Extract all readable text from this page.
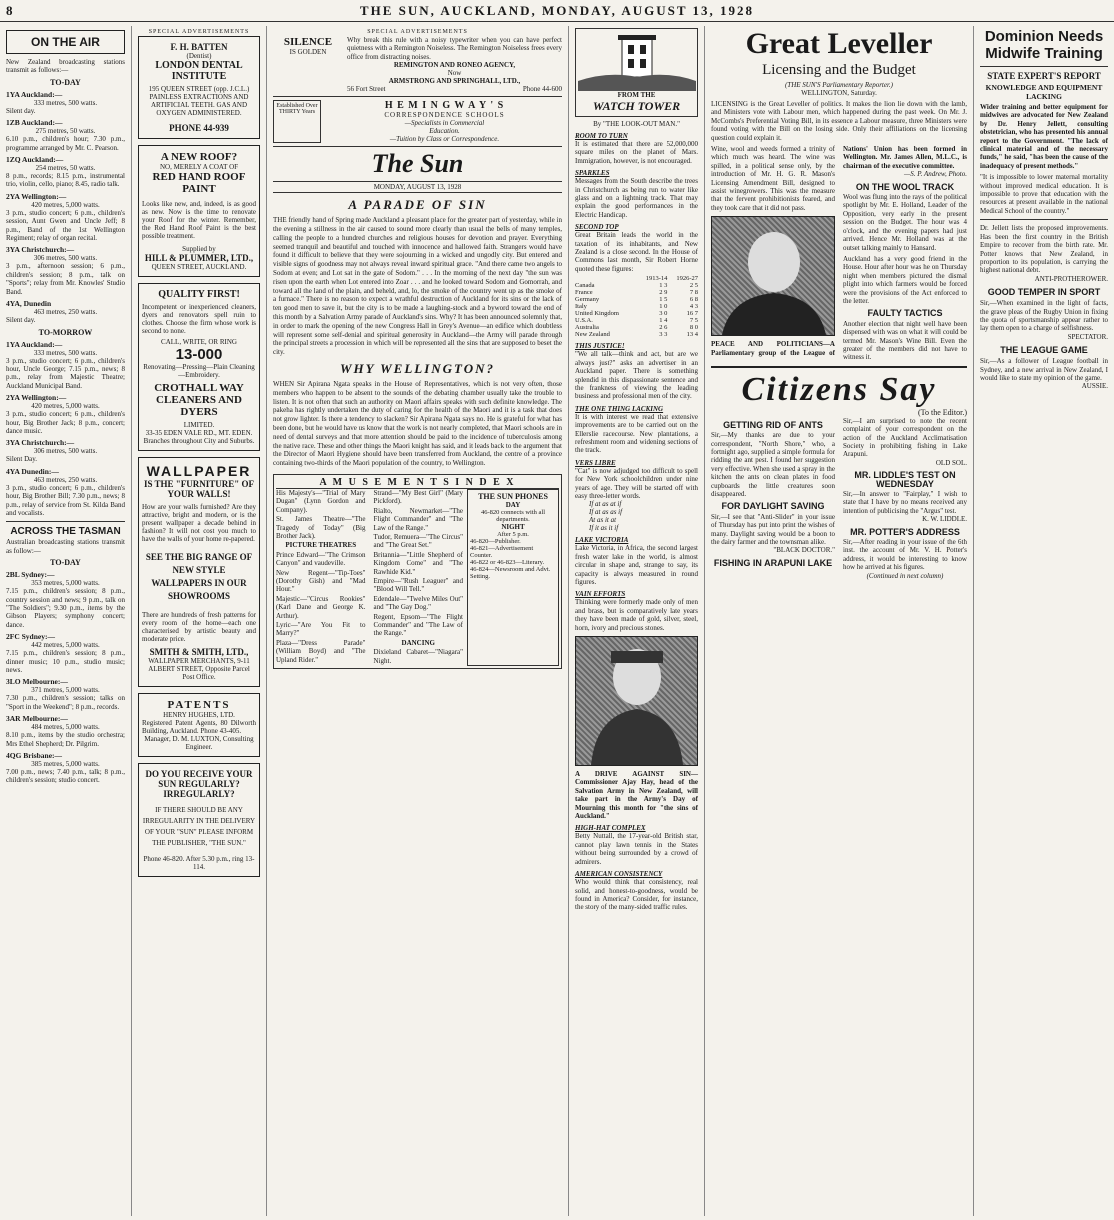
8	THE SUN, AUCKLAND, MONDAY, AUGUST 13, 1928
ON THE AIR
New Zealand broadcasting stations transmit as follows:—
TO-DAY
1YA Auckland:—
333 metres, 500 watts.
Silent day.
1ZB Auckland:—
275 metres, 50 watts.
6.10 p.m., children's hour; 7.30 p.m., programme arranged by Mr. C. Pearson.
1ZQ Auckland:—
254 metres, 50 watts.
8 p.m., records; 8.15 p.m., instrumental trio, violin, cello, piano; 8.45, radio talk.
2YA Wellington:—
420 metres, 5,000 watts.
3 p.m., studio concert; 6 p.m., children's session, Aunt Gwen and Uncle Jeff; 8 p.m., Band of the 1st Wellington Regiment; relay of organ recital.
3YA Christchurch:—
306 metres, 500 watts.
3 p.m., afternoon session; 6 p.m., children's session; 8 p.m., talk on "Sports"; relay from Mr. Knowles' Studio Band.
4YA, Dunedin
463 metres, 250 watts.
Silent day.
TO-MORROW
1YA Auckland:—
333 metres, 500 watts.
3 p.m., studio concert; 6 p.m., children's hour, Uncle George; 7.15 p.m., news; 8 p.m., relay from Majestic Theatre; Auckland Municipal Band.
2YA Wellington:—
420 metres, 5,000 watts.
3 p.m., studio concert; 6 p.m., children's hour, Big Brother Jack; 8 p.m., concert; dance music.
3YA Christchurch:—
306 metres, 500 watts.
Silent Day.
4YA Dunedin:—
463 metres, 250 watts.
3 p.m., studio concert; 6 p.m., children's hour, Big Brother Bill; 7.30 p.m., news; 8 p.m., relay of service from St. Kilda Band and vocalists.
ACROSS THE TASMAN
Australian broadcasting stations transmit as follow:—
TO-DAY
2BL Sydney:—
353 metres, 5,000 watts.
7.15 p.m., children's session; 8 p.m., country session and news; 9 p.m., talk on "The Soldiers"; 9.30 p.m., items by the Gibson Players; symphony concert; dance.
2FC Sydney:—
442 metres, 5,000 watts.
7.15 p.m., children's session; 8 p.m., dinner music; 10 p.m., studio music; news.
3LO Melbourne:—
371 metres, 5,000 watts.
7.30 p.m., children's session; talks on "Sport in the Weekend"; 8 p.m., records.
3AR Melbourne:—
484 metres, 5,000 watts.
8.10 p.m., items by the studio orchestra; Mrs Ethel Shepherd; Dr. Pilgrim.
4QG Brisbane:—
385 metres, 5,000 watts.
7.00 p.m., news; 7.40 p.m., talk; 8 p.m., children's session; studio concert.
SPECIAL ADVERTISEMENTS
F. H. BATTEN
(Dentist)
LONDON DENTAL INSTITUTE
195 QUEEN STREET (opp. J.C.L.) PAINLESS EXTRACTIONS AND ARTIFICIAL TEETH. GAS AND OXYGEN ADMINISTERED.
PHONE 44-939
A NEW ROOF?
NO, MERELY A COAT OF
RED HAND ROOF PAINT
Looks like new, and, indeed, is as good as new. Now is the time to renovate your Roof for the winter. Remember, the Red Hand Roof Paint is the best possible treatment.
Supplied by
HILL & PLUMMER, LTD.,
QUEEN STREET, AUCKLAND.
QUALITY FIRST!
Incompetent or inexperienced cleaners, dyers and renovators spell ruin to clothes. Choose the firm whose work is second to none.
CALL, WRITE, OR RING
13-000
Renovating—Pressing—Plain Cleaning—Embroidery.
CROTHALL WAY CLEANERS AND DYERS
LIMITED.
33-35 EDEN VALE RD., MT. EDEN. Branches throughout City and Suburbs.
WALLPAPER
IS THE "FURNITURE" OF YOUR WALLS!
How are your walls furnished? Are they attractive, bright and modern, or is the present wallpaper a decade behind in fashion? It will not cost you much to have the walls of your home re-papered.
SEE THE BIG RANGE OF NEW STYLE WALLPAPERS IN OUR SHOWROOMS
There are hundreds of fresh patterns for every room of the home—each one characterised by artistic beauty and moderate price.
SMITH & SMITH, LTD.,
WALLPAPER MERCHANTS, 9-11 ALBERT STREET, Opposite Parcel Post Office.
PATENTS
HENRY HUGHES, LTD.
Registered Patent Agents, 80 Dilworth Building, Auckland. Phone 43-405.
Manager, D. M. LUXTON, Consulting Engineer.
DO YOU RECEIVE YOUR
SUN REGULARLY? IRREGULARLY?
IF THERE SHOULD BE ANY IRREGULARITY IN THE DELIVERY OF YOUR "SUN" PLEASE INFORM THE PUBLISHER, "THE SUN."
Phone 46-820. After 5.30 p.m., ring 13-114.
SPECIAL ADVERTISEMENTS
SILENCE
IS GOLDEN
Why break this rule with a noisy typewriter when you can have perfect quietness with a Remington Noiseless. The Remington Noiseless frees every office from distracting noises.
REMINGTON AND RONEO AGENCY,
Now
ARMSTRONG AND SPRINGHALL, LTD.,
56 Fort Street	Phone 44-600
Established Over THIRTY Years
H E M I N G W A Y ' S
CORRESPONDENCE SCHOOLS
—Specialists in Commercial
Education.
—Tuition by Class or Correspondence.
The Sun
MONDAY, AUGUST 13, 1928
A PARADE OF SIN
THE friendly hand of Spring made Auckland a pleasant place for the greater part of yesterday, while in the evening a stillness in the air caused to sound more clearly than usual the bells of many temples, calling the people to a hundred churches and religious houses for devotion and prayer. Everything seemed tranquil and beautiful and touched with innocence and hallowed faith. Strangers would have found it difficult to believe that they were sojourning in a wicked and ungodly city. But entered and visible signs of goodness may not always reveal inward spiritual grace. "And there came two angels to Sodom at even; and Lot sat in the gate of Sodom." . . . In the morning of the next day "the sun was risen upon the earth when Lot entered into Zoar . . . and he looked toward Sodom and Gomorrah, and toward all the land of the plain, and beheld, and, lo, the smoke of the country went up as the smoke of a furnace." There is no reason to expect a wrathful destruction of Auckland for its sins or the lack of ten good men to save it, but the city is to be made a laughing-stock and a byword toward the end of this month by a Salvation Army parade of Auckland's sins. Why? It has been announced solemnly that, in order to mark the opening of the new Congress Hall in Grey's Avenue—an edifice which doubtless will represent some self-denial and spiritual generosity in Auckland—the Army will parade through the principal streets a procession in which will be represented all the sins that are supposed to beset the city.
WHY WELLINGTON?
WHEN Sir Apirana Ngata speaks in the House of Representatives, which is not very often, those members who happen to be absent to the sounds of the debating chamber usually take the trouble to listen. It is not often that such an authority on Maori affairs speaks with such definite knowledge. The pakeha has rightly undertaken the duty of caring for the health of the Maori and it is a task that does not grow lighter. Is there a tendency to slacken? Sir Apirana Ngata says no. He is grateful for what has been done, but he would have us know that the work is not nearly completed, that Maori schools are in need of dental surveys and that more attention should be paid to the incidence of tuberculosis among the native race. These and other things the Maori knight has said, and it leads back to the argument that the Director of Maori Hygiene should have been transferred from Auckland, the centre of a province containing two-thirds of the Maori population of the country, to Wellington.
A M U S E M E N T S I N D E X
His Majesty's—"Trial of Mary Dugan" (Lynn Gordon and Company).
St. James Theatre—"The Tragedy of Today" (Big Brother Jack).
PICTURE THEATRES
Prince Edward—"The Crimson Canyon" and vaudeville.
New Regent—"Tip-Toes" (Dorothy Gish) and "Mad Hour."
Majestic—"Circus Rookies" (Karl Dane and George K. Arthur).
Lyric—"Are You Fit to Marry?"
Plaza—"Dress Parade" (William Boyd) and "The Upland Rider."
Strand—"My Best Girl" (Mary Pickford).
Rialto, Newmarket—"The Flight Commander" and "The Law of the Range."
Tudor, Remuera—"The Circus" and "The Great Set."
Britannia—"Little Shepherd of Kingdom Come" and "The Rawhide Kid."
Empire—"Rush Leaguer" and "Blood Will Tell."
Edendale—"Twelve Miles Out" and "The Gay Dog."
Regent, Epsom—"The Flight Commander" and "The Law of the Range."
DANCING
Dixieland Cabaret—"Niagara" Night.
THE SUN PHONES
DAY
46-820 connects with all departments.
NIGHT
After 5 p.m.
46-820—Publisher.
46-821—Advertisement Counter.
46-822 or 46-823—Literary.
46-824—Newsroom and Advt. Setting.
FROM THE
WATCH TOWER
By "THE LOOK-OUT MAN."
ROOM TO TURN
It is estimated that there are 52,000,000 square miles on the planet of Mars. Immigration, however, is not encouraged.
SPARKLES
Messages from the South describe the trees in Christchurch as being run to water like glass and on a lightning track. That may explain the good performances in the Electric Handicap.
SECOND TOP
Great Britain leads the world in the taxation of its inhabitants, and New Zealand is a close second. In the House of Commons last month, Sir Robert Horne quoted these figures:
	1913-14	1926-27
Canada	1 3	2 5
France	2 9	7 8
Germany	1 5	6 8
Italy	1 0	4 3
United Kingdom	3 0	16 7
U.S.A.	1 4	7 5
Australia	2 6	8 0
New Zealand	3 3	13 4
THIS JUSTICE!
"We all talk—think and act, but are we always just?" asks an advertiser in an Auckland paper. There is something splendid in this dispassionate sentence and the frankness of viewing the leading business and professional men of the city.
THE ONE THING LACKING
It is with interest we read that extensive improvements are to be carried out on the Ellerslie racecourse. New plantations, a refreshment room and widening sections of the track.
VERS LIBRE
"Cat" is now adjudged too difficult to spell for New York schoolchildren under nine years of age. They will be started off with easy three-letter words.
If at as at if
If at as as if
At as it at
If it as it if
LAKE VICTORIA
Lake Victoria, in Africa, the second largest fresh water lake in the world, is almost circular in shape and, strange to say, its capacity is always measured in round figures.
VAIN EFFORTS
Thinking were formerly made only of men and brass, but is comparatively late years they have been made of gold, silver, steel, horn, ivory and precious stones.
A DRIVE AGAINST SIN—Commissioner Ajay Hay, head of the Salvation Army in New Zealand, will take part in the Army's Day of Mourning this month for "the sins of Auckland."
HIGH-HAT COMPLEX
Betty Nuttall, the 17-year-old British star, cannot play lawn tennis in the States without being surrounded by a crowd of admirers.
AMERICAN CONSISTENCY
Who would think that consistency, real solid, and honest-to-goodness, would be found in America? Consider, for instance, the story of the many-sided traffic rules.
Great Leveller
Licensing and the Budget
(THE SUN'S Parliamentary Reporter.)
WELLINGTON, Saturday.
LICENSING is the Great Leveller of politics. It makes the lion lie down with the lamb, and Ministers vote with Labour men, which happened during the past week. On Mr. J. McCombs's Preferential Voting Bill, in its essence a Labour measure, three Ministers were found voting with the Bill on the losing side. Only their affiliations on the licensing question could explain it.
Wine, wool and weeds formed a trinity of which much was heard. The wine was spilled, in a political sense only, by the introduction of Mr. H. G. R. Mason's Licensing Amendment Bill, designed to assist winegrowers. This was the measure that the fervent prohibitionists feared, and they took care that it did not pass.
PEACE AND POLITICIANS—A Parliamentary group of the League of Nations' Union has been formed in Wellington. Mr. James Allen, M.L.C., is chairman of the executive committee.
—S. P. Andrew, Photo.
ON THE WOOL TRACK
Wool was flung into the rays of the political spotlight by Mr. E. Holland, Leader of the Opposition, very early in the present session on the Budget. The hour was 4 o'clock, and the evening papers had just arrived. Hence Mr. Holland was at the outset talking mainly to Hansard.
Auckland has a very good friend in the House. Hour after hour was he on Thursday night when members pictured the dismal plight into which farmers would be forced were the provisions of the Act enforced to the letter.
FAULTY TACTICS
Another election that night well have been dispensed with was on what it will could be termed Mr. Mason's Wine Bill. Even the greater of the members did not have to witness it.
Citizens Say
(To the Editor.)
GETTING RID OF ANTS
Sir,—My thanks are due to your correspondent, "North Shore," who, a fortnight ago, supplied a simple formula for ridding the ant pest. I found her suggestion very effective. When she used a spray in the kitchen the ants on clean plates in food cupboards the little creatures soon disappeared.
FOR DAYLIGHT SAVING
Sir,—I see that "Anti-Slider" in your issue of Thursday has put into print the wishes of many. Daylight saving would be a boon to the dairy farmer and the townsman alike.
"BLACK DOCTOR."
FISHING IN ARAPUNI LAKE
Sir,—I am surprised to note the recent complaint of your correspondent on the action of the Auckland Acclimatisation Society in prohibiting fishing in Lake Arapuni.
OLD SOL.
MR. LIDDLE'S TEST ON WEDNESDAY
Sir,—In answer to "Fairplay," I wish to state that I have by no means received any intention of publicising the "Argus" test.
K. W. LIDDLE.
MR. POTTER'S ADDRESS
Sir,—After reading in your issue of the 6th inst. the account of Mr. V. H. Potter's address, it would be interesting to know how he arrived at his figures.
(Continued in next column)
Dominion Needs
Midwife Training
STATE EXPERT'S REPORT
KNOWLEDGE AND EQUIPMENT LACKING
Wider training and better equipment for midwives are advocated for New Zealand by Dr. Henry Jellett, consulting obstetrician, who has presented his annual report to the Government. "The lack of clinical material and of the necessary funds," he said, "has been the cause of the inadequacy of present methods."
"It is impossible to lower maternal mortality without improved medical education. It is impossible to prove that education with the resources at present available in the national Medical School of the country."
Dr. Jellett lists the proposed improvements. Has been the first country in the British Empire to recover from the birth rate. Mr. Potter knows that New Zealand, in proportion to its population, is carrying the highest national debt.
ANTI-PROTHEROWER.
GOOD TEMPER IN SPORT
Sir,—When examined in the light of facts, the grave pleas of the Rugby Union in fixing the quota of sportsmanship appear rather to lay them open to a charge of selfishness.
SPECTATOR.
THE LEAGUE GAME
Sir,—As a follower of League football in Sydney, and a new arrival in New Zealand, I would like to state my opinion of the game.
AUSSIE.
